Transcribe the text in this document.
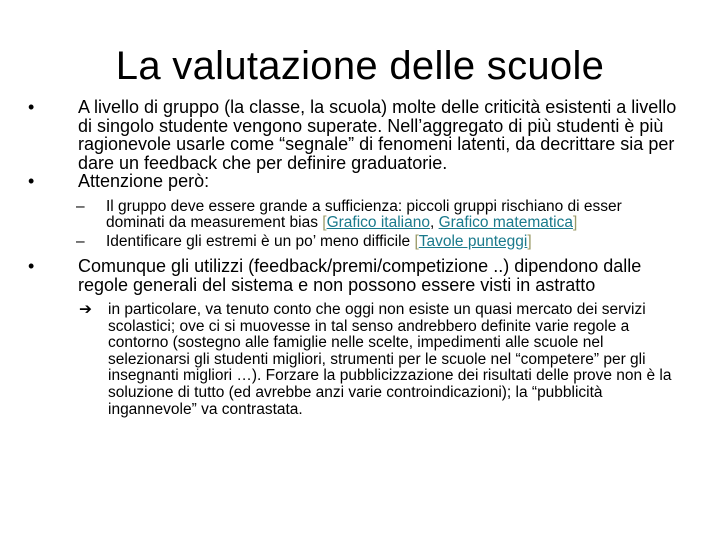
La valutazione delle scuole
• A livello di gruppo (la classe, la scuola) molte delle criticità esistenti a livello di singolo studente vengono superate. Nell’aggregato di più studenti è più ragionevole usarle come “segnale” di fenomeni latenti, da decrittare sia per dare un feedback che per definire graduatorie.
• Attenzione però:
– Il gruppo deve essere grande a sufficienza: piccoli gruppi rischiano di esser dominati da measurement bias [Grafico italiano, Grafico matematica]
– Identificare gli estremi è un po’ meno difficile [Tavole punteggi]
• Comunque gli utilizzi (feedback/premi/competizione ..) dipendono dalle regole generali del sistema e non possono essere visti in astratto
➔ in particolare, va tenuto conto che oggi non esiste un quasi mercato dei servizi scolastici; ove ci si muovesse in tal senso andrebbero definite varie regole a contorno (sostegno alle famiglie nelle scelte, impedimenti alle scuole nel selezionarsi gli studenti migliori, strumenti per le scuole nel “competere” per gli insegnanti migliori …). Forzare la pubblicizzazione dei risultati delle prove non è la soluzione di tutto (ed avrebbe anzi varie controindicazioni); la “pubblicità ingannevole” va contrastata.
